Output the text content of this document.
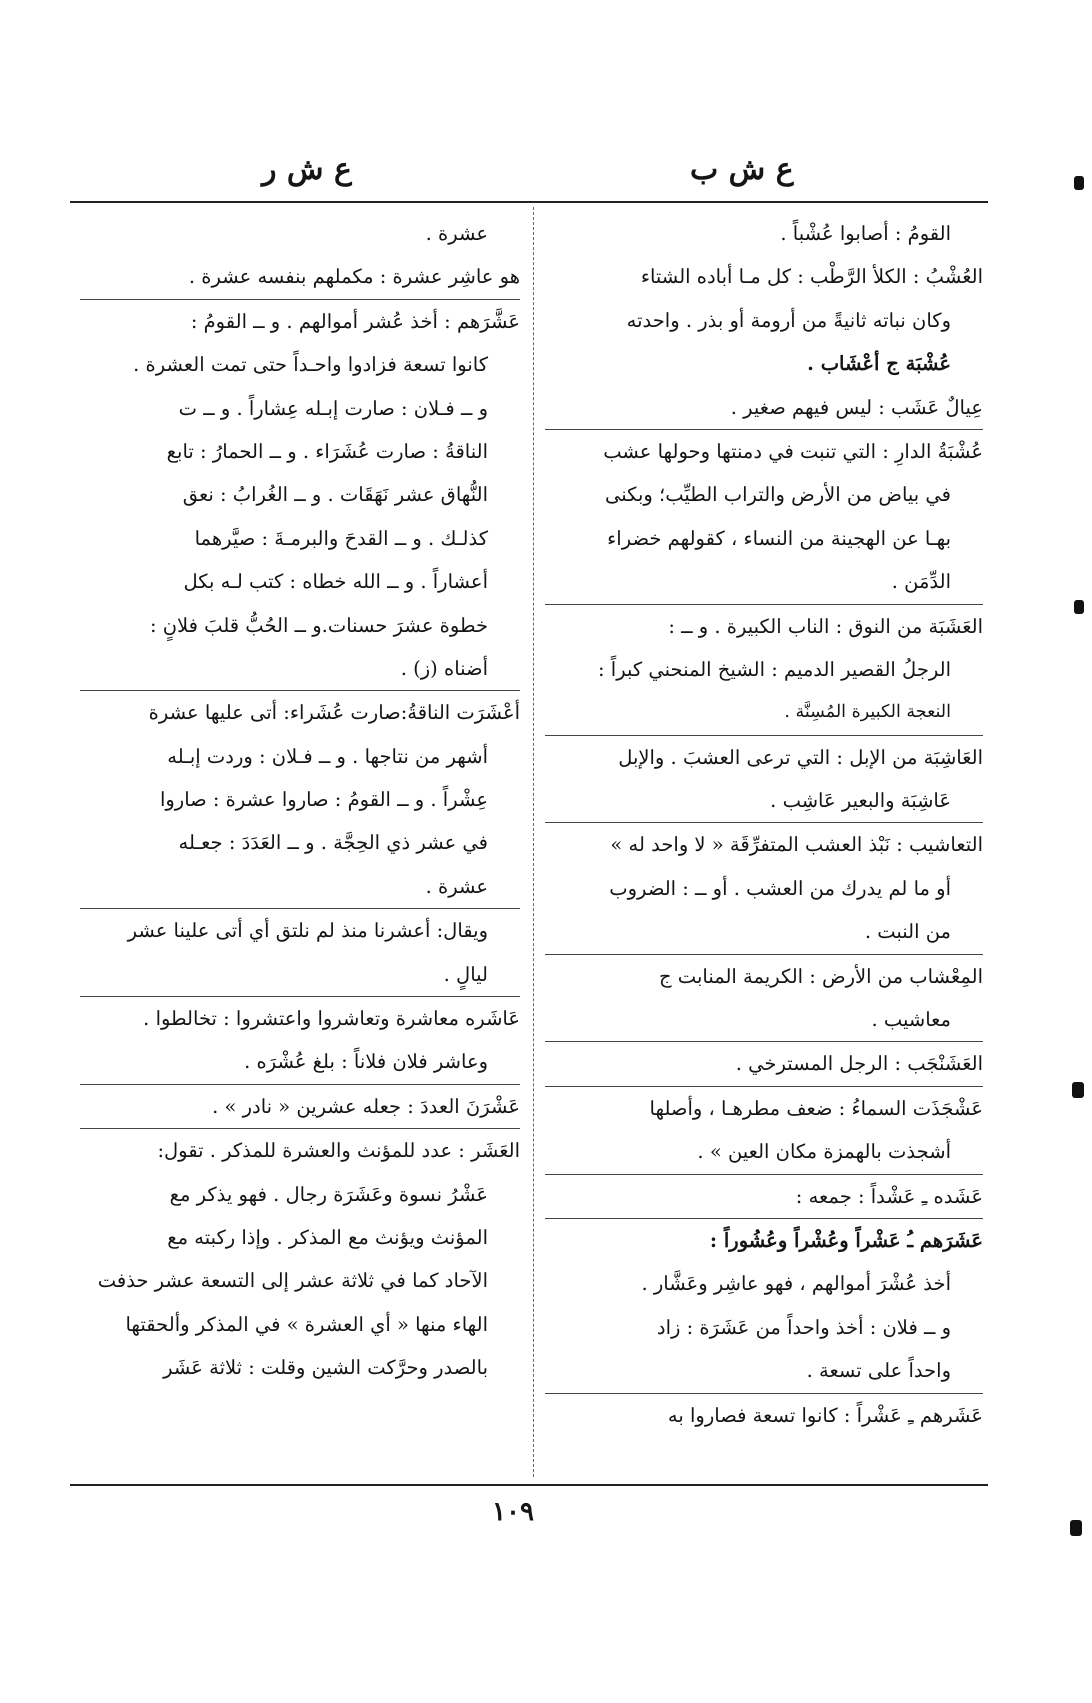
ع ش ب
ع ش ر
القومُ : أصابوا عُشْباً .
العُشْبُ : الكلأ الرَّطْب : كل مـا أباده الشتاء
وكان نباته ثانيةً من أرومة أو بذر . واحدته
عُشْبَة ج أعْشَاب .
عِيالٌ عَشَب : ليس فيهم صغير .
عُشْبَةُ الدارِ : التي تنبت في دمنتها وحولها عشب
في بياض من الأرض والتراب الطيِّب؛ وبكنى
بهـا عن الهجينة من النساء ، كقولهم خضراء
الدِّمَن .
العَشَبَة من النوق : الناب الكبيرة . و ــ :
الرجلُ القصير الدميم : الشيخ المنحني كبراً :
النعجة الكبيرة المُسِنَّة .
العَاشِبَة من الإبل : التي ترعى العشبَ . والإبل
عَاشِبَة والبعير عَاشِب .
التعاشيب : نَبْذ العشب المتفرِّقَة « لا واحد له »
أو ما لم يدرك من العشب . أو ــ : الضروب
من النبت .
المِعْشاب من الأرض : الكريمة المنابت ج
معاشيب .
العَشَنْجَب : الرجل المسترخي .
عَشْجَذَت السماءُ : ضعف مطرهـا ، وأصلها
أشجذت بالهمزة مكان العين » .
عَشَده ـِ عَشْداً : جمعه :
عَشَرَهم ـُ عَشْراً وعُشْراً وعُشُوراً :
أخذ عُشْرَ أموالهم ، فهو عاشِر وعَشَّار .
و ــ فلان : أخذ واحداً من عَشَرَة : زاد
واحداً على تسعة .
عَشَرهم ـِ عَشْراً : كانوا تسعة فصاروا به
عشرة .
هو عاشِر عشرة : مكملهم بنفسه عشرة .
عَشَّرَهم : أخذ عُشر أموالهم . و ــ القومُ :
كانوا تسعة فزادوا واحـداً حتى تمت العشرة .
و ــ فـلان : صارت إبـله عِشاراً . و ــ ت
الناقةُ : صارت عُشَرَاء . و ــ الحمارُ : تابع
النُّهاق عشر نَهَقَات . و ــ الغُرابُ : نعق
كذلـك . و ــ القدحَ والبرمـةَ : صيَّرهما
أعشاراً . و ــ الله خطاه : كتب لـه بكل
خطوة عشرَ حسنات.و ــ الحُبُّ قلبَ فلانٍ :
أضناه (ز) .
أعْشَرَت الناقةُ:صارت عُشَراء: أتى عليها عشرة
أشهر من نتاجها . و ــ فـلان : وردت إبـله
عِشْراً . و ــ القومُ : صاروا عشرة : صاروا
في عشر ذي الحِجَّة . و ــ العَدَدَ : جعـله
عشرة .
ويقال: أعشرنا منذ لم نلتق أي أتى علينا عشر
ليالٍ .
عَاشَره معاشرة وتعاشروا واعتشروا : تخالطوا .
وعاشر فلان فلاناً : بلغ عُشْرَه .
عَشْرَنَ العددَ : جعله عشرين « نادر » .
العَشَر : عدد للمؤنث والعشرة للمذكر . تقول:
عَشْرُ نسوة وعَشَرَة رجال . فهو يذكر مع
المؤنث ويؤنث مع المذكر . وإذا ركبته مع
الآحاد كما في ثلاثة عشر إلى التسعة عشر حذفت
الهاء منها « أي العشرة » في المذكر وألحقتها
بالصدر وحرَّكت الشين وقلت : ثلاثة عَشَر
١٠٩
